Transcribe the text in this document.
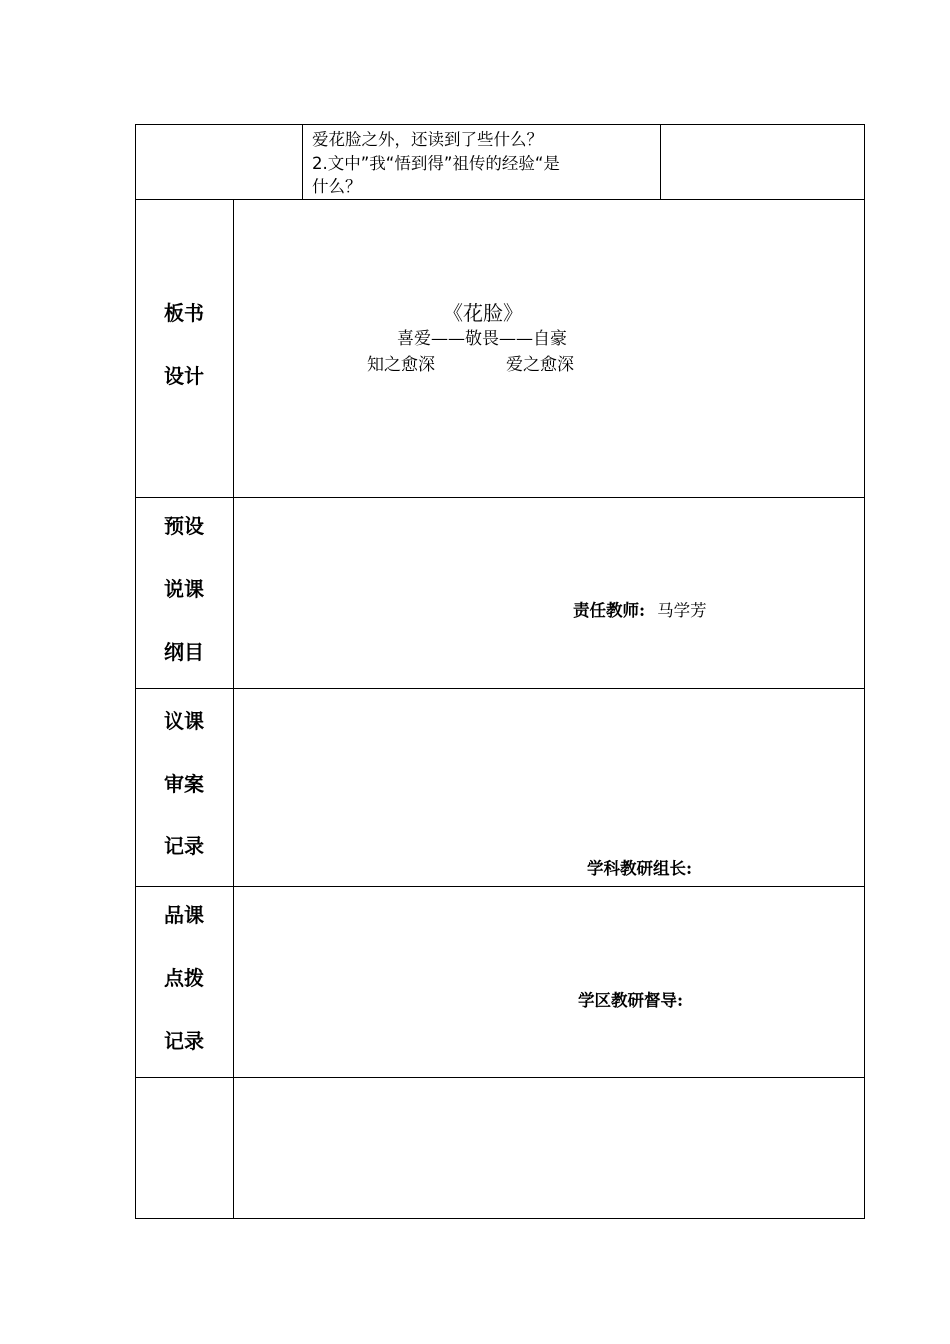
爱花脸之外，还读到了些什么？
2.文中”我“悟到得”祖传的经验“是
什么？
板书
设计
《花脸》
喜爱——敬畏——自豪
知之愈深	爱之愈深
预设
说课
纲目
责任教师: 马学芳
议课
审案
记录
学科教研组长:
品课
点拨
记录
学区教研督导:
